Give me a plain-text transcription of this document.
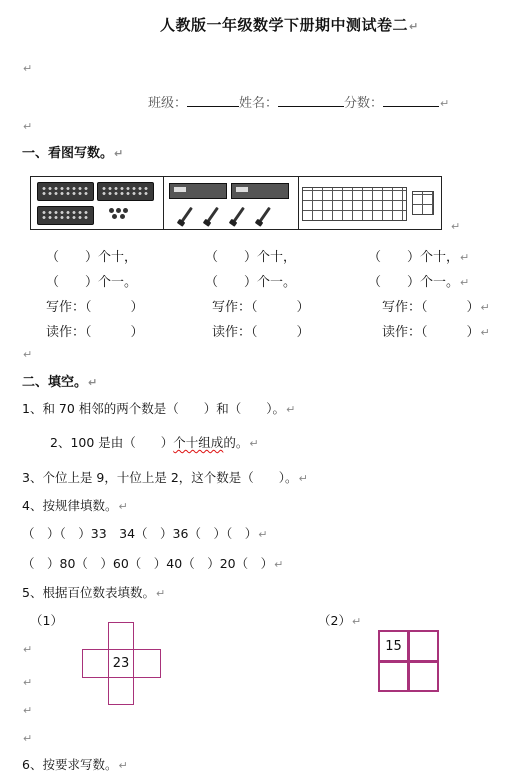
人教版一年级数学下册期中测试卷二↵
↵
班级：	姓名：	分数：	↵
↵
一、看图写数。↵
↵
（　　）个十，
（　　）个一。
写作：（　　　）
读作：（　　　）
（　　）个十，
（　　）个一。
写作：（　　　）
读作：（　　　）
（　　）个十，↵
（　　）个一。↵
写作：（　　　）↵
读作：（　　　）↵
↵
二、填空。↵
1、和 70 相邻的两个数是（　　）和（　　）。↵
2、100 是由（　　）个十组成的。↵
3、个位上是 9，十位上是 2，这个数是（　　）。↵
4、按规律填数。↵
（　）（　）33　34（　）36（　）（　）↵
（　）80（　）60（　）40（　）20（　）↵
5、根据百位数表填数。↵
（1）	（2）↵
23
15
↵
↵
↵
↵
6、按要求写数。↵
